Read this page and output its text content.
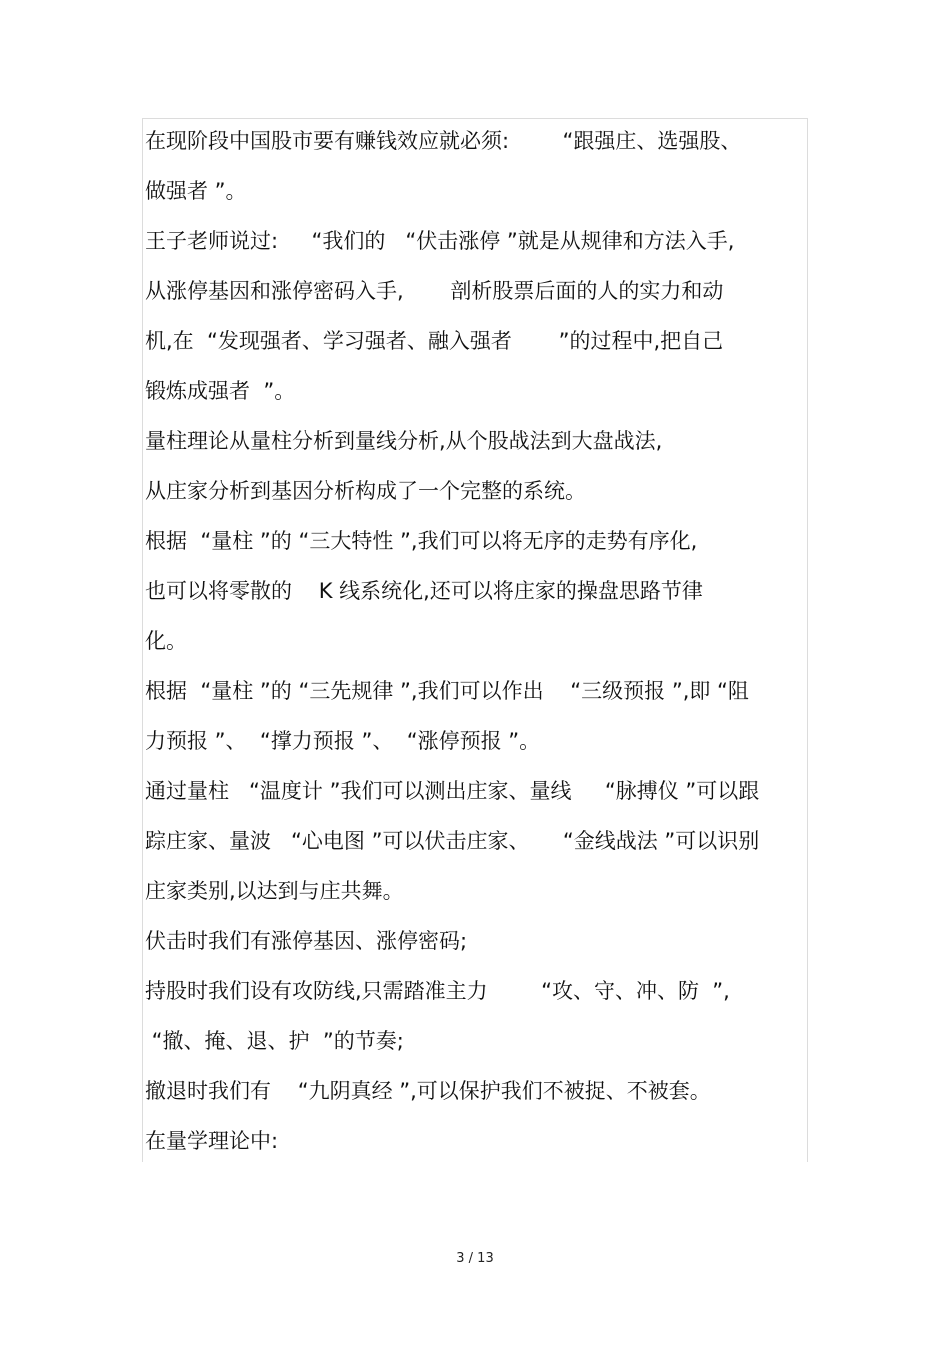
在现阶段中国股市要有赚钱效应就必须:        “跟强庄、选强股、
做强者 ”。
王子老师说过:     “我们的   “伏击涨停 ”就是从规律和方法入手,
从涨停基因和涨停密码入手,       剖析股票后面的人的实力和动
机,在  “发现强者、学习强者、融入强者       ”的过程中,把自己
锻炼成强者  ”。
量柱理论从量柱分析到量线分析,从个股战法到大盘战法,
从庄家分析到基因分析构成了一个完整的系统。
根据  “量柱 ”的 “三大特性 ”,我们可以将无序的走势有序化,
也可以将零散的    K 线系统化,还可以将庄家的操盘思路节律
化。
根据  “量柱 ”的 “三先规律 ”,我们可以作出    “三级预报 ”,即 “阻
力预报 ”、  “撑力预报 ”、  “涨停预报 ”。
通过量柱   “温度计 ”我们可以测出庄家、量线     “脉搏仪 ”可以跟
踪庄家、量波   “心电图 ”可以伏击庄家、     “金线战法 ”可以识别
庄家类别,以达到与庄共舞。
伏击时我们有涨停基因、涨停密码;
持股时我们设有攻防线,只需踏准主力        “攻、守、冲、防  ”,
“撤、掩、退、护  ”的节奏;
撤退时我们有    “九阴真经 ”,可以保护我们不被捉、不被套。
在量学理论中:
3 / 13
